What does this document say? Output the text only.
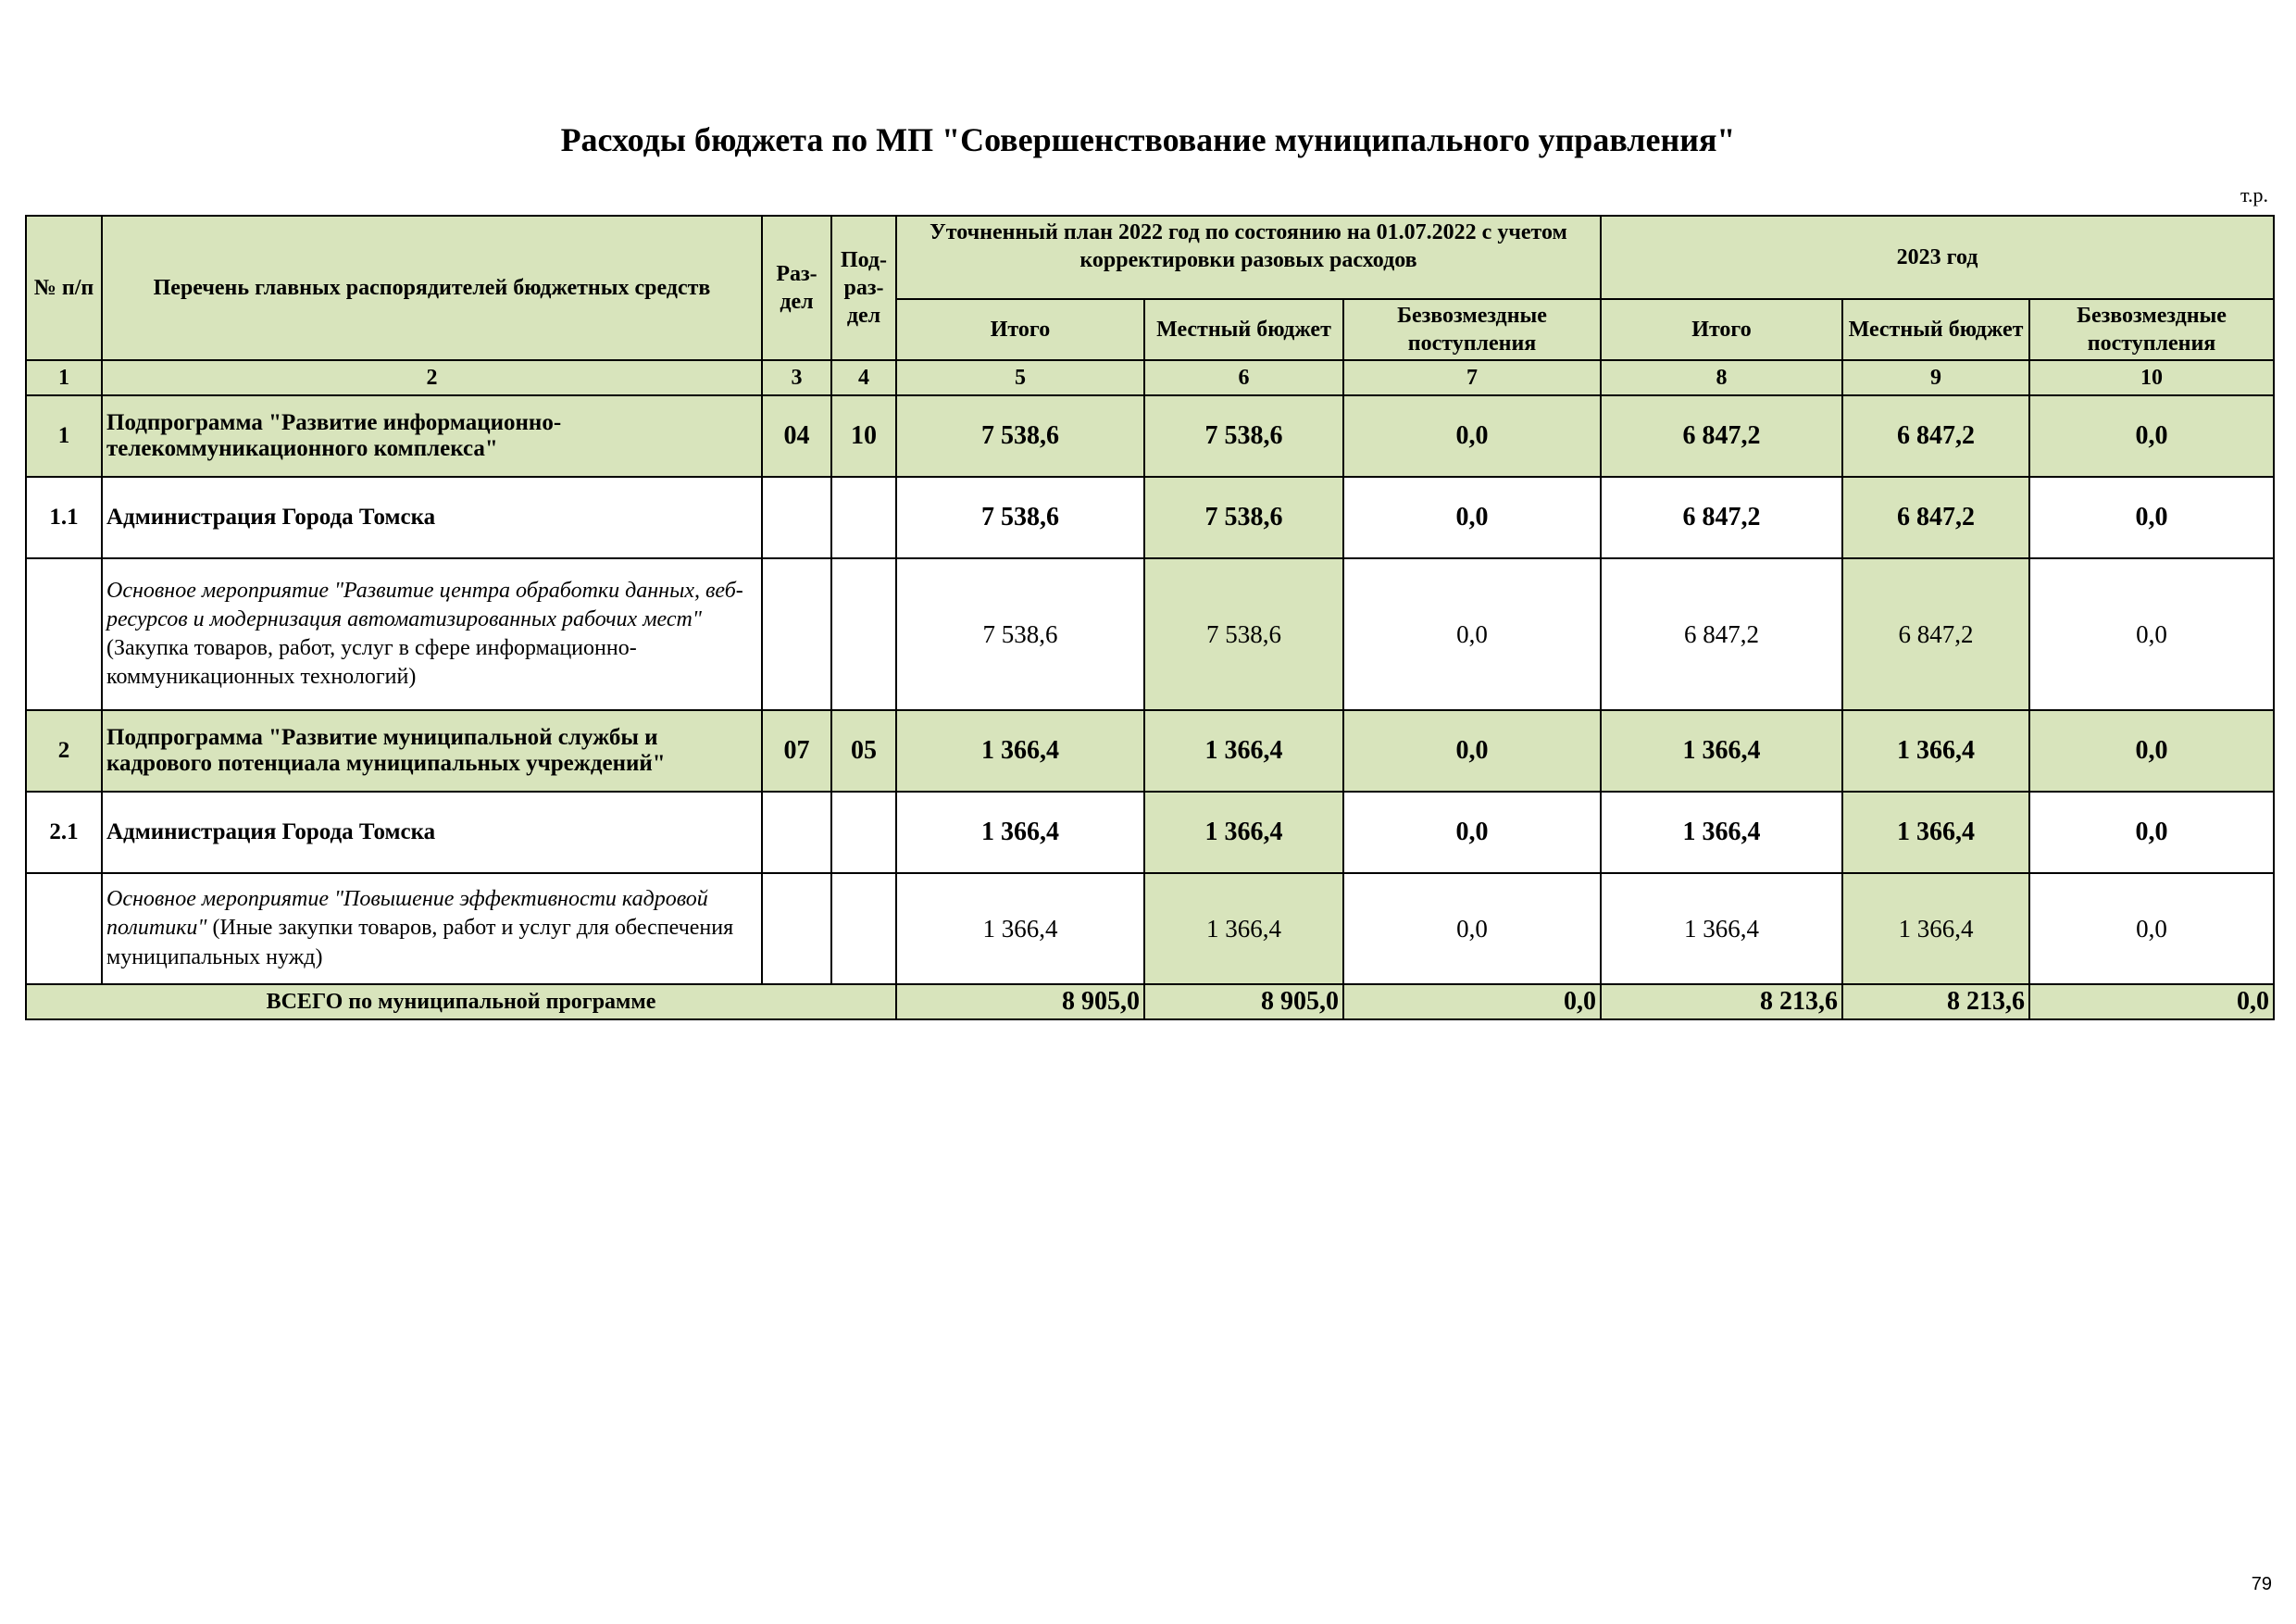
Расходы бюджета по МП "Совершенствование муниципального управления"
т.р.
№ п/п	Перечень главных распорядителей бюджетных средств	Раз-дел	Под-раз-дел	Уточненный план 2022 год по состоянию на 01.07.2022 с учетом корректировки разовых расходов			2023 год		
				Итого	Местный бюджет	Безвозмездные поступления	Итого	Местный бюджет	Безвозмездные поступления
1	2	3	4	5	6	7	8	9	10
1	Подпрограмма "Развитие информационно-телекоммуникационного комплекса"	04	10	7 538,6	7 538,6	0,0	6 847,2	6 847,2	0,0
1.1	Администрация Города Томска			7 538,6	7 538,6	0,0	6 847,2	6 847,2	0,0
	Основное мероприятие "Развитие центра обработки данных, веб-ресурсов и модернизация автоматизированных рабочих мест" (Закупка товаров, работ, услуг в сфере информационно-коммуникационных технологий)			7 538,6	7 538,6	0,0	6 847,2	6 847,2	0,0
2	Подпрограмма "Развитие муниципальной службы и кадрового потенциала муниципальных учреждений"	07	05	1 366,4	1 366,4	0,0	1 366,4	1 366,4	0,0
2.1	Администрация Города Томска			1 366,4	1 366,4	0,0	1 366,4	1 366,4	0,0
	Основное мероприятие "Повышение эффективности кадровой политики" (Иные закупки товаров, работ и услуг для обеспечения муниципальных нужд)			1 366,4	1 366,4	0,0	1 366,4	1 366,4	0,0
ВСЕГО по муниципальной программе				8 905,0	8 905,0	0,0	8 213,6	8 213,6	0,0
79
